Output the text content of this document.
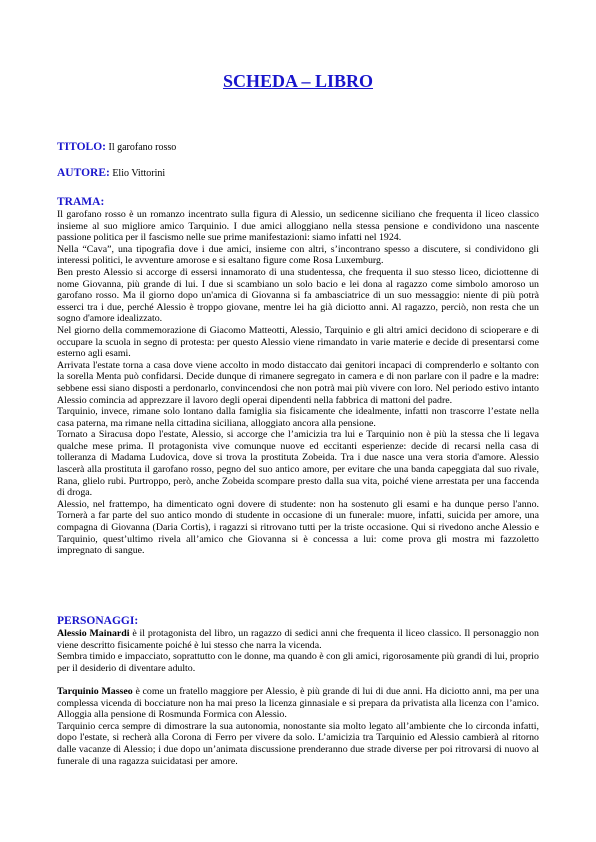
SCHEDA – LIBRO
TITOLO: Il garofano rosso
AUTORE: Elio Vittorini
TRAMA:

Il garofano rosso è un romanzo incentrato sulla figura di Alessio, un sedicenne siciliano che frequenta il liceo classico insieme al suo migliore amico Tarquinio. I due amici alloggiano nella stessa pensione e condividono una nascente passione politica per il fascismo nelle sue prime manifestazioni: siamo infatti nel 1924.

Nella “Cava”, una tipografia dove i due amici, insieme con altri, s’incontrano spesso a discutere, si condividono gli interessi politici, le avventure amorose e si esaltano figure come Rosa Luxemburg.

Ben presto Alessio si accorge di essersi innamorato di una studentessa, che frequenta il suo stesso liceo, diciottenne di nome Giovanna, più grande di lui. I due si scambiano un solo bacio e lei dona al ragazzo come simbolo amoroso un garofano rosso. Ma il giorno dopo un'amica di Giovanna si fa ambasciatrice di un suo messaggio: niente di più potrà esserci tra i due, perché Alessio è troppo giovane, mentre lei ha già diciotto anni. Al ragazzo, perciò, non resta che un sogno d'amore idealizzato.

Nel giorno della commemorazione di Giacomo Matteotti, Alessio, Tarquinio e gli altri amici decidono di scioperare e di occupare la scuola in segno di protesta: per questo Alessio viene rimandato in varie materie e decide di presentarsi come esterno agli esami.

Arrivata l'estate torna a casa dove viene accolto in modo distaccato dai genitori incapaci di comprenderlo e soltanto con la sorella Menta può confidarsi. Decide dunque di rimanere segregato in camera e di non parlare con il padre e la madre: sebbene essi siano disposti a perdonarlo, convincendosi che non potrà mai più vivere con loro. Nel periodo estivo intanto Alessio comincia ad apprezzare il lavoro degli operai dipendenti nella fabbrica di mattoni del padre.

Tarquinio, invece, rimane solo lontano dalla famiglia sia fisicamente che idealmente, infatti non trascorre l’estate nella casa paterna, ma rimane nella cittadina siciliana, alloggiato ancora alla pensione.

Tornato a Siracusa dopo l'estate, Alessio, si accorge che l’amicizia tra lui e Tarquinio non è più la stessa che li legava qualche mese prima. Il protagonista vive comunque nuove ed eccitanti esperienze: decide di recarsi nella casa di tolleranza di Madama Ludovica, dove si trova la prostituta Zobeida. Tra i due nasce una vera storia d'amore. Alessio lascerà alla prostituta il garofano rosso, pegno del suo antico amore, per evitare che una banda capeggiata dal suo rivale, Rana, glielo rubi. Purtroppo, però, anche Zobeida scompare presto dalla sua vita, poiché viene arrestata per una faccenda di droga.

Alessio, nel frattempo, ha dimenticato ogni dovere di studente: non ha sostenuto gli esami e ha dunque perso l'anno. Tornerà a far parte del suo antico mondo di studente in occasione di un funerale: muore, infatti, suicida per amore, una compagna di Giovanna (Daria Cortis), i ragazzi si ritrovano tutti per la triste occasione. Qui si rivedono anche Alessio e Tarquinio, quest’ultimo rivela all’amico che Giovanna si è concessa a lui: come prova gli mostra mi fazzoletto impregnato di sangue.

PERSONAGGI:

Alessio Mainardi è il protagonista del libro, un ragazzo di sedici anni che frequenta il liceo classico. Il personaggio non viene descritto fisicamente poiché è lui stesso che narra la vicenda.

Sembra timido e impacciato, soprattutto con le donne, ma quando è con gli amici, rigorosamente più grandi di lui, proprio per il desiderio di diventare adulto.

Tarquinio Masseo è come un fratello maggiore per Alessio, è più grande di lui di due anni. Ha diciotto anni, ma per una complessa vicenda di bocciature non ha mai preso la licenza ginnasiale e si prepara da privatista alla licenza con l’amico. Alloggia alla pensione di Rosmunda Formica con Alessio.

Tarquinio cerca sempre di dimostrare la sua autonomia, nonostante sia molto legato all’ambiente che lo circonda infatti, dopo l'estate, si recherà alla Corona di Ferro per vivere da solo. L’amicizia tra Tarquinio ed Alessio cambierà al ritorno dalle vacanze di Alessio; i due dopo un’animata discussione prenderanno due strade diverse per poi ritrovarsi di nuovo al funerale di una ragazza suicidatasi per amore.
